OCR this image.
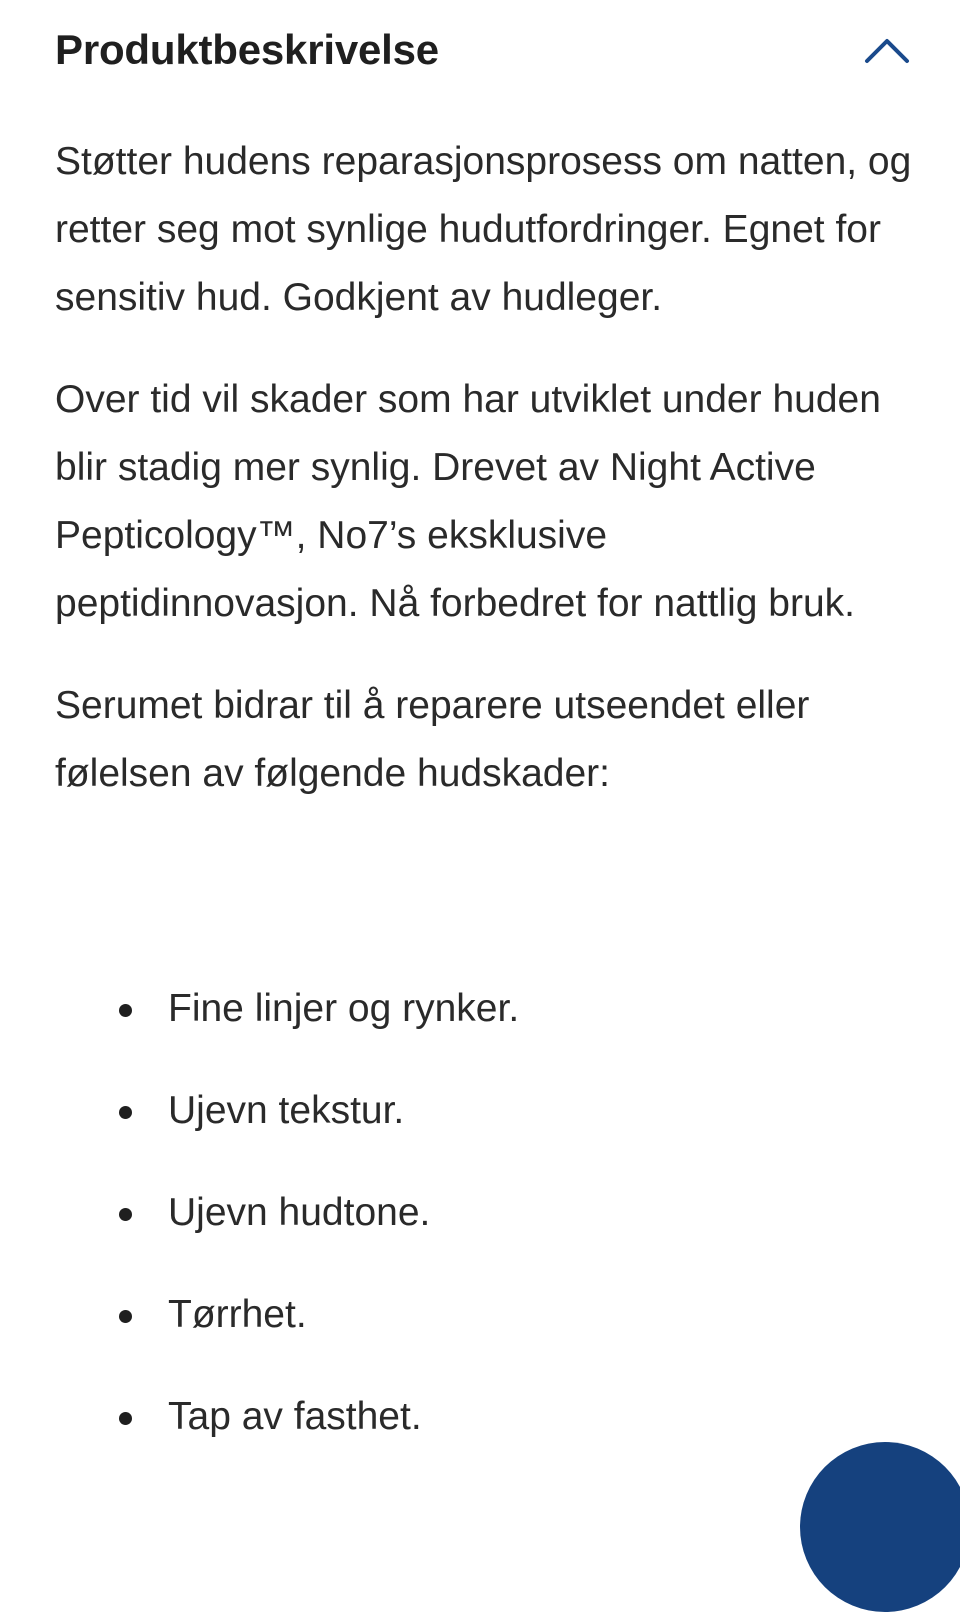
Produktbeskrivelse

Støtter hudens reparasjonsprosess om natten, og retter seg mot synlige hudutfordringer. Egnet for sensitiv hud. Godkjent av hudleger.

Over tid vil skader som har utviklet under huden blir stadig mer synlig. Drevet av Night Active Pepticology™, No7’s eksklusive peptidinnovasjon. Nå forbedret for nattlig bruk.

Serumet bidrar til å reparere utseendet eller følelsen av følgende hudskader:

Fine linjer og rynker.
Ujevn tekstur.
Ujevn hudtone.
Tørrhet.
Tap av fasthet.
